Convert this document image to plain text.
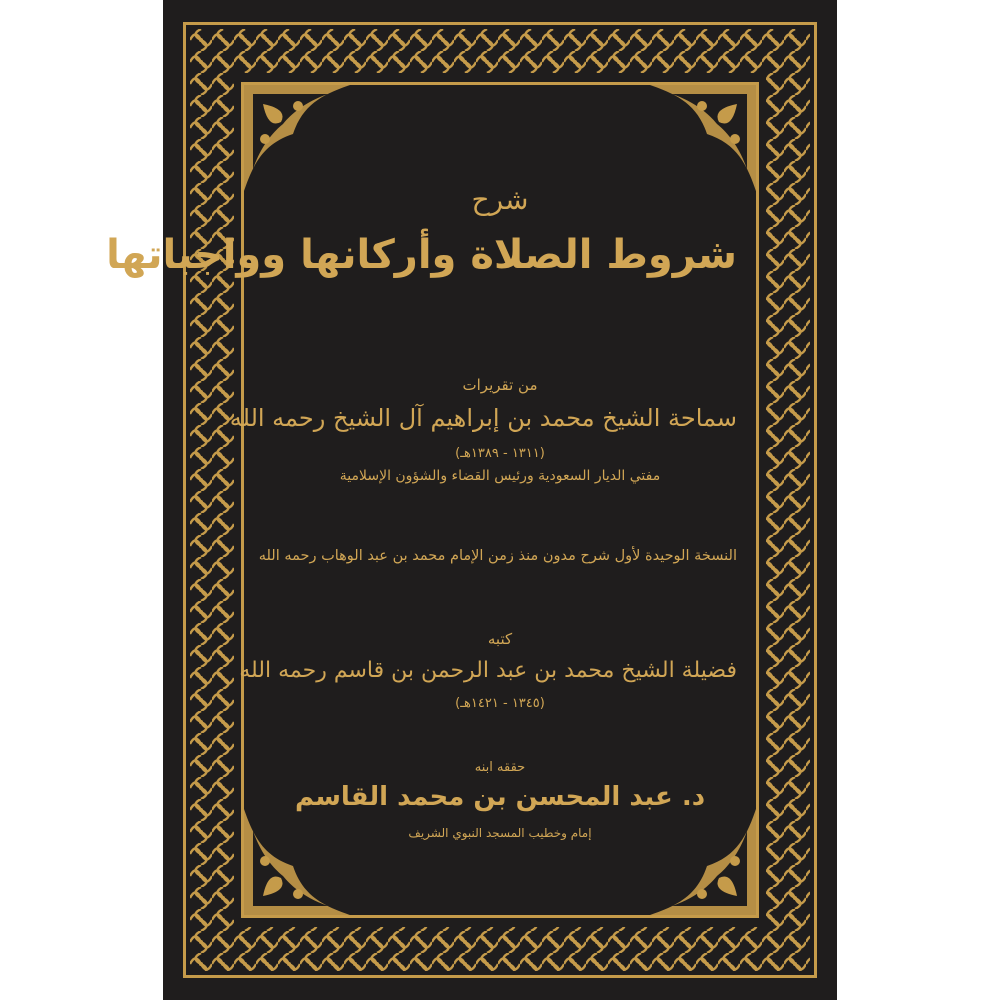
شرح
شروط الصلاة وأركانها وواجباتها
من تقريرات
سماحة الشيخ محمد بن إبراهيم آل الشيخ رحمه الله
(١٣١١ - ١٣٨٩هـ)
مفتي الديار السعودية ورئيس القضاء والشؤون الإسلامية
النسخة الوحيدة لأول شرح مدون منذ زمن الإمام محمد بن عبد الوهاب رحمه الله
كتبه
فضيلة الشيخ محمد بن عبد الرحمن بن قاسم رحمه الله
(١٣٤٥ - ١٤٢١هـ)
حققه ابنه
د. عبد المحسن بن محمد القاسم
إمام وخطيب المسجد النبوي الشريف
